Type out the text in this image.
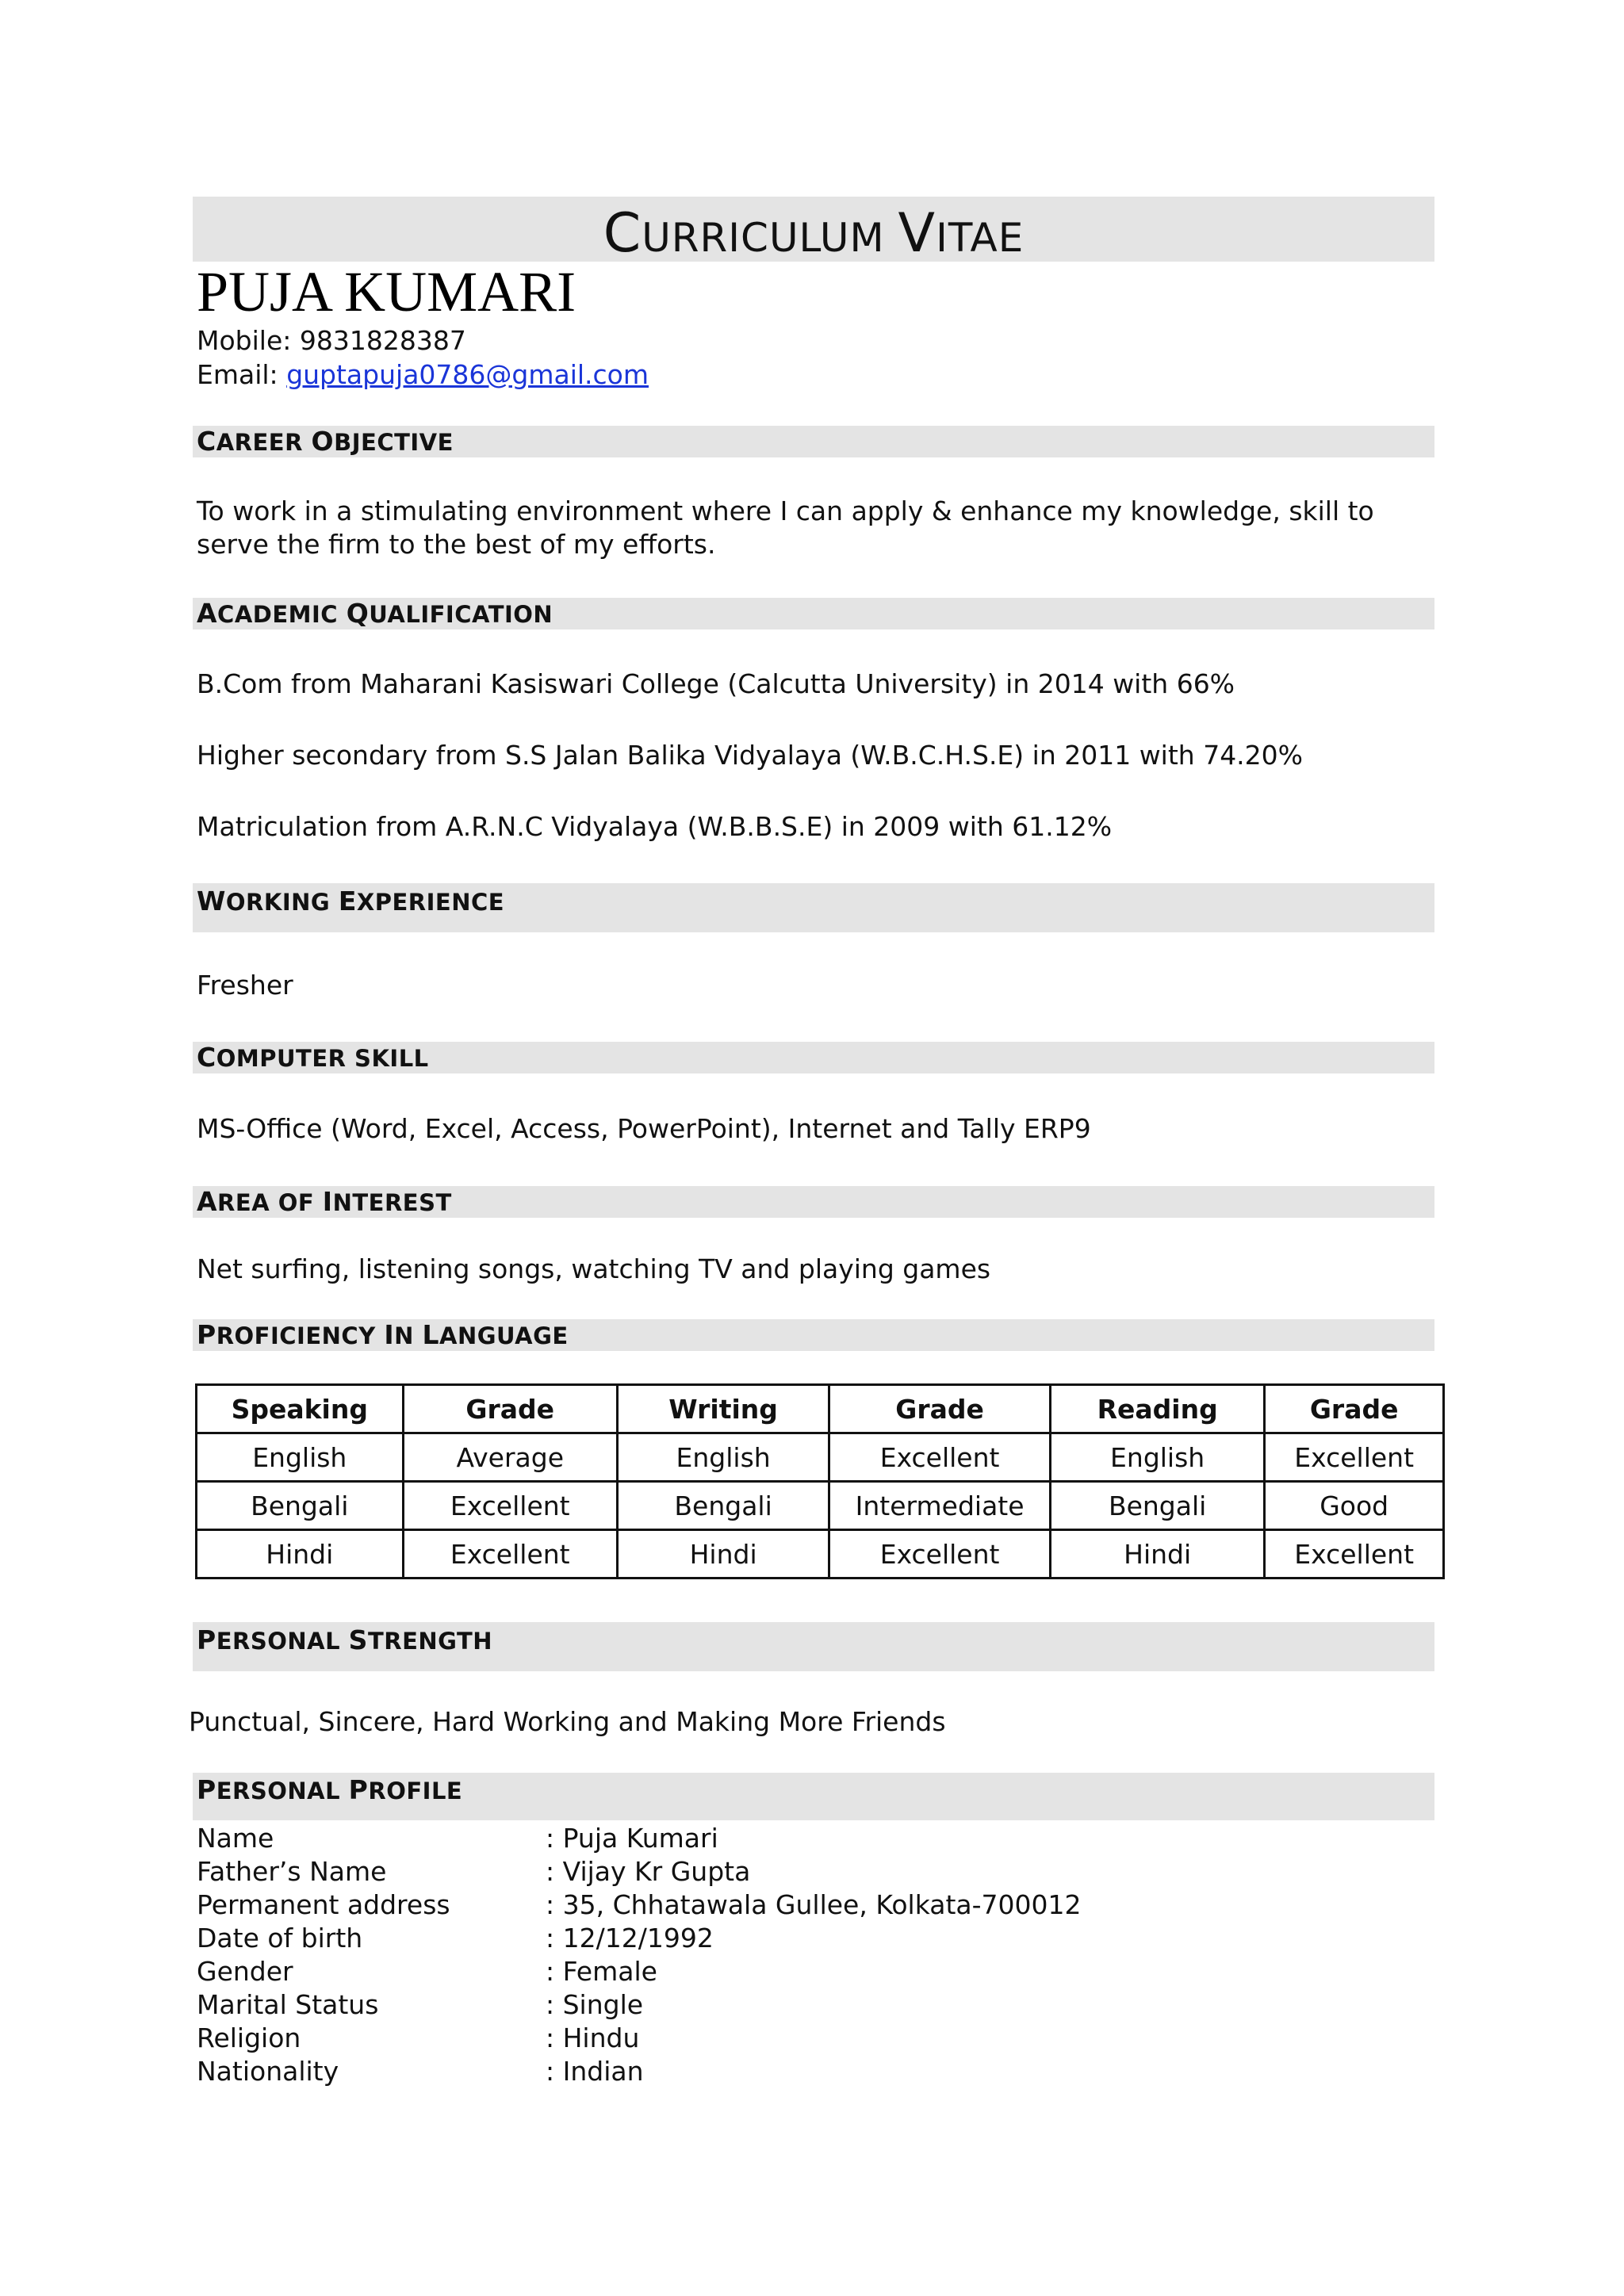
CURRICULUM VITAE
PUJA KUMARI
Mobile: 9831828387
Email: guptapuja0786@gmail.com
CAREER OBJECTIVE
To work in a stimulating environment where I can apply & enhance my knowledge, skill to serve the firm to the best of my efforts.
ACADEMIC QUALIFICATION
B.Com from Maharani Kasiswari College (Calcutta University) in 2014 with 66%
Higher secondary from S.S Jalan Balika Vidyalaya (W.B.C.H.S.E) in 2011 with 74.20%
Matriculation from A.R.N.C Vidyalaya (W.B.B.S.E) in 2009 with 61.12%
WORKING EXPERIENCE
Fresher
COMPUTER SKILL
MS-Office (Word, Excel, Access, PowerPoint), Internet and Tally ERP9
AREA OF INTEREST
Net surfing, listening songs, watching TV and playing games
PROFICIENCY IN LANGUAGE
Speaking	Grade	Writing	Grade	Reading	Grade
English	Average	English	Excellent	English	Excellent
Bengali	Excellent	Bengali	Intermediate	Bengali	Good
Hindi	Excellent	Hindi	Excellent	Hindi	Excellent
PERSONAL STRENGTH
Punctual, Sincere, Hard Working and Making More Friends
PERSONAL PROFILE
Name	: Puja Kumari
Father’s Name	: Vijay Kr Gupta
Permanent address	: 35, Chhatawala Gullee, Kolkata-700012
Date of birth	: 12/12/1992
Gender	: Female
Marital Status	: Single
Religion	: Hindu
Nationality	: Indian
